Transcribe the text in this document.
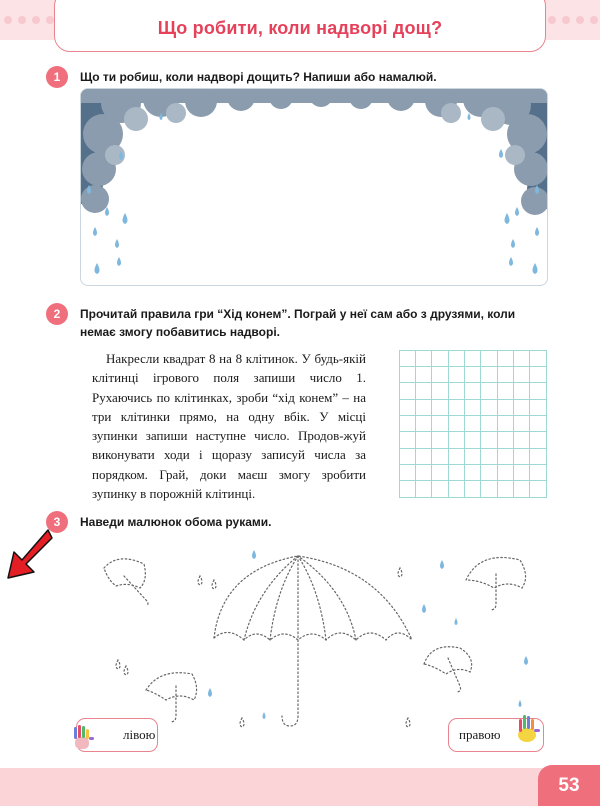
Що робити, коли надворі дощ?
1	Що ти робиш, коли надворі дощить? Напиши або намалюй.
2	Прочитай правила гри “Хід конем”. Пограй у неї сам або з друзями, коли немає змогу побавитись надворі.

Накресли квадрат 8 на 8 клітинок. У будь-якій клітинці ігрового поля запиши число 1. Рухаючись по клітинках, зроби “хід конем” – на три клітинки прямо, на одну вбік. У місці зупинки запиши наступне число. Продов-жуй виконувати ходи і щоразу записуй числа за порядком. Грай, доки маєш змогу зробити зупинку в порожній клітинці.

3	Наведи малюнок обома руками.
лівою	правою
53
